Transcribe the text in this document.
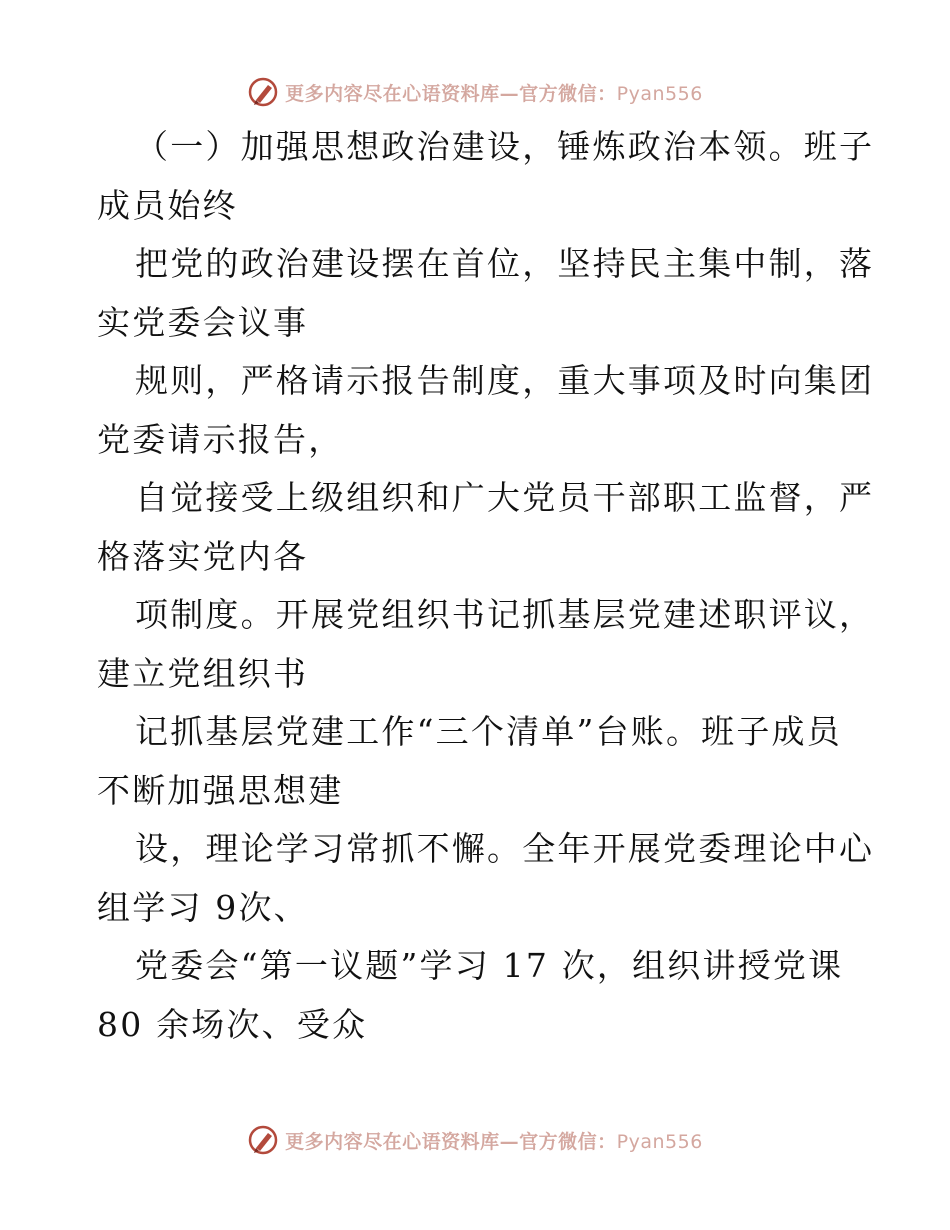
更多内容尽在心语资料库—官方微信：Pyan556
（一）加强思想政治建设，锤炼政治本领。班子
成员始终
把党的政治建设摆在首位，坚持民主集中制，落
实党委会议事
规则，严格请示报告制度，重大事项及时向集团
党委请示报告，
自觉接受上级组织和广大党员干部职工监督，严
格落实党内各
项制度。开展党组织书记抓基层党建述职评议，
建立党组织书
记抓基层党建工作“三个清单”台账。班子成员
不断加强思想建
设，理论学习常抓不懈。全年开展党委理论中心
组学习 9次、
党委会“第一议题”学习 17 次，组织讲授党课
80 余场次、受众
更多内容尽在心语资料库—官方微信：Pyan556
